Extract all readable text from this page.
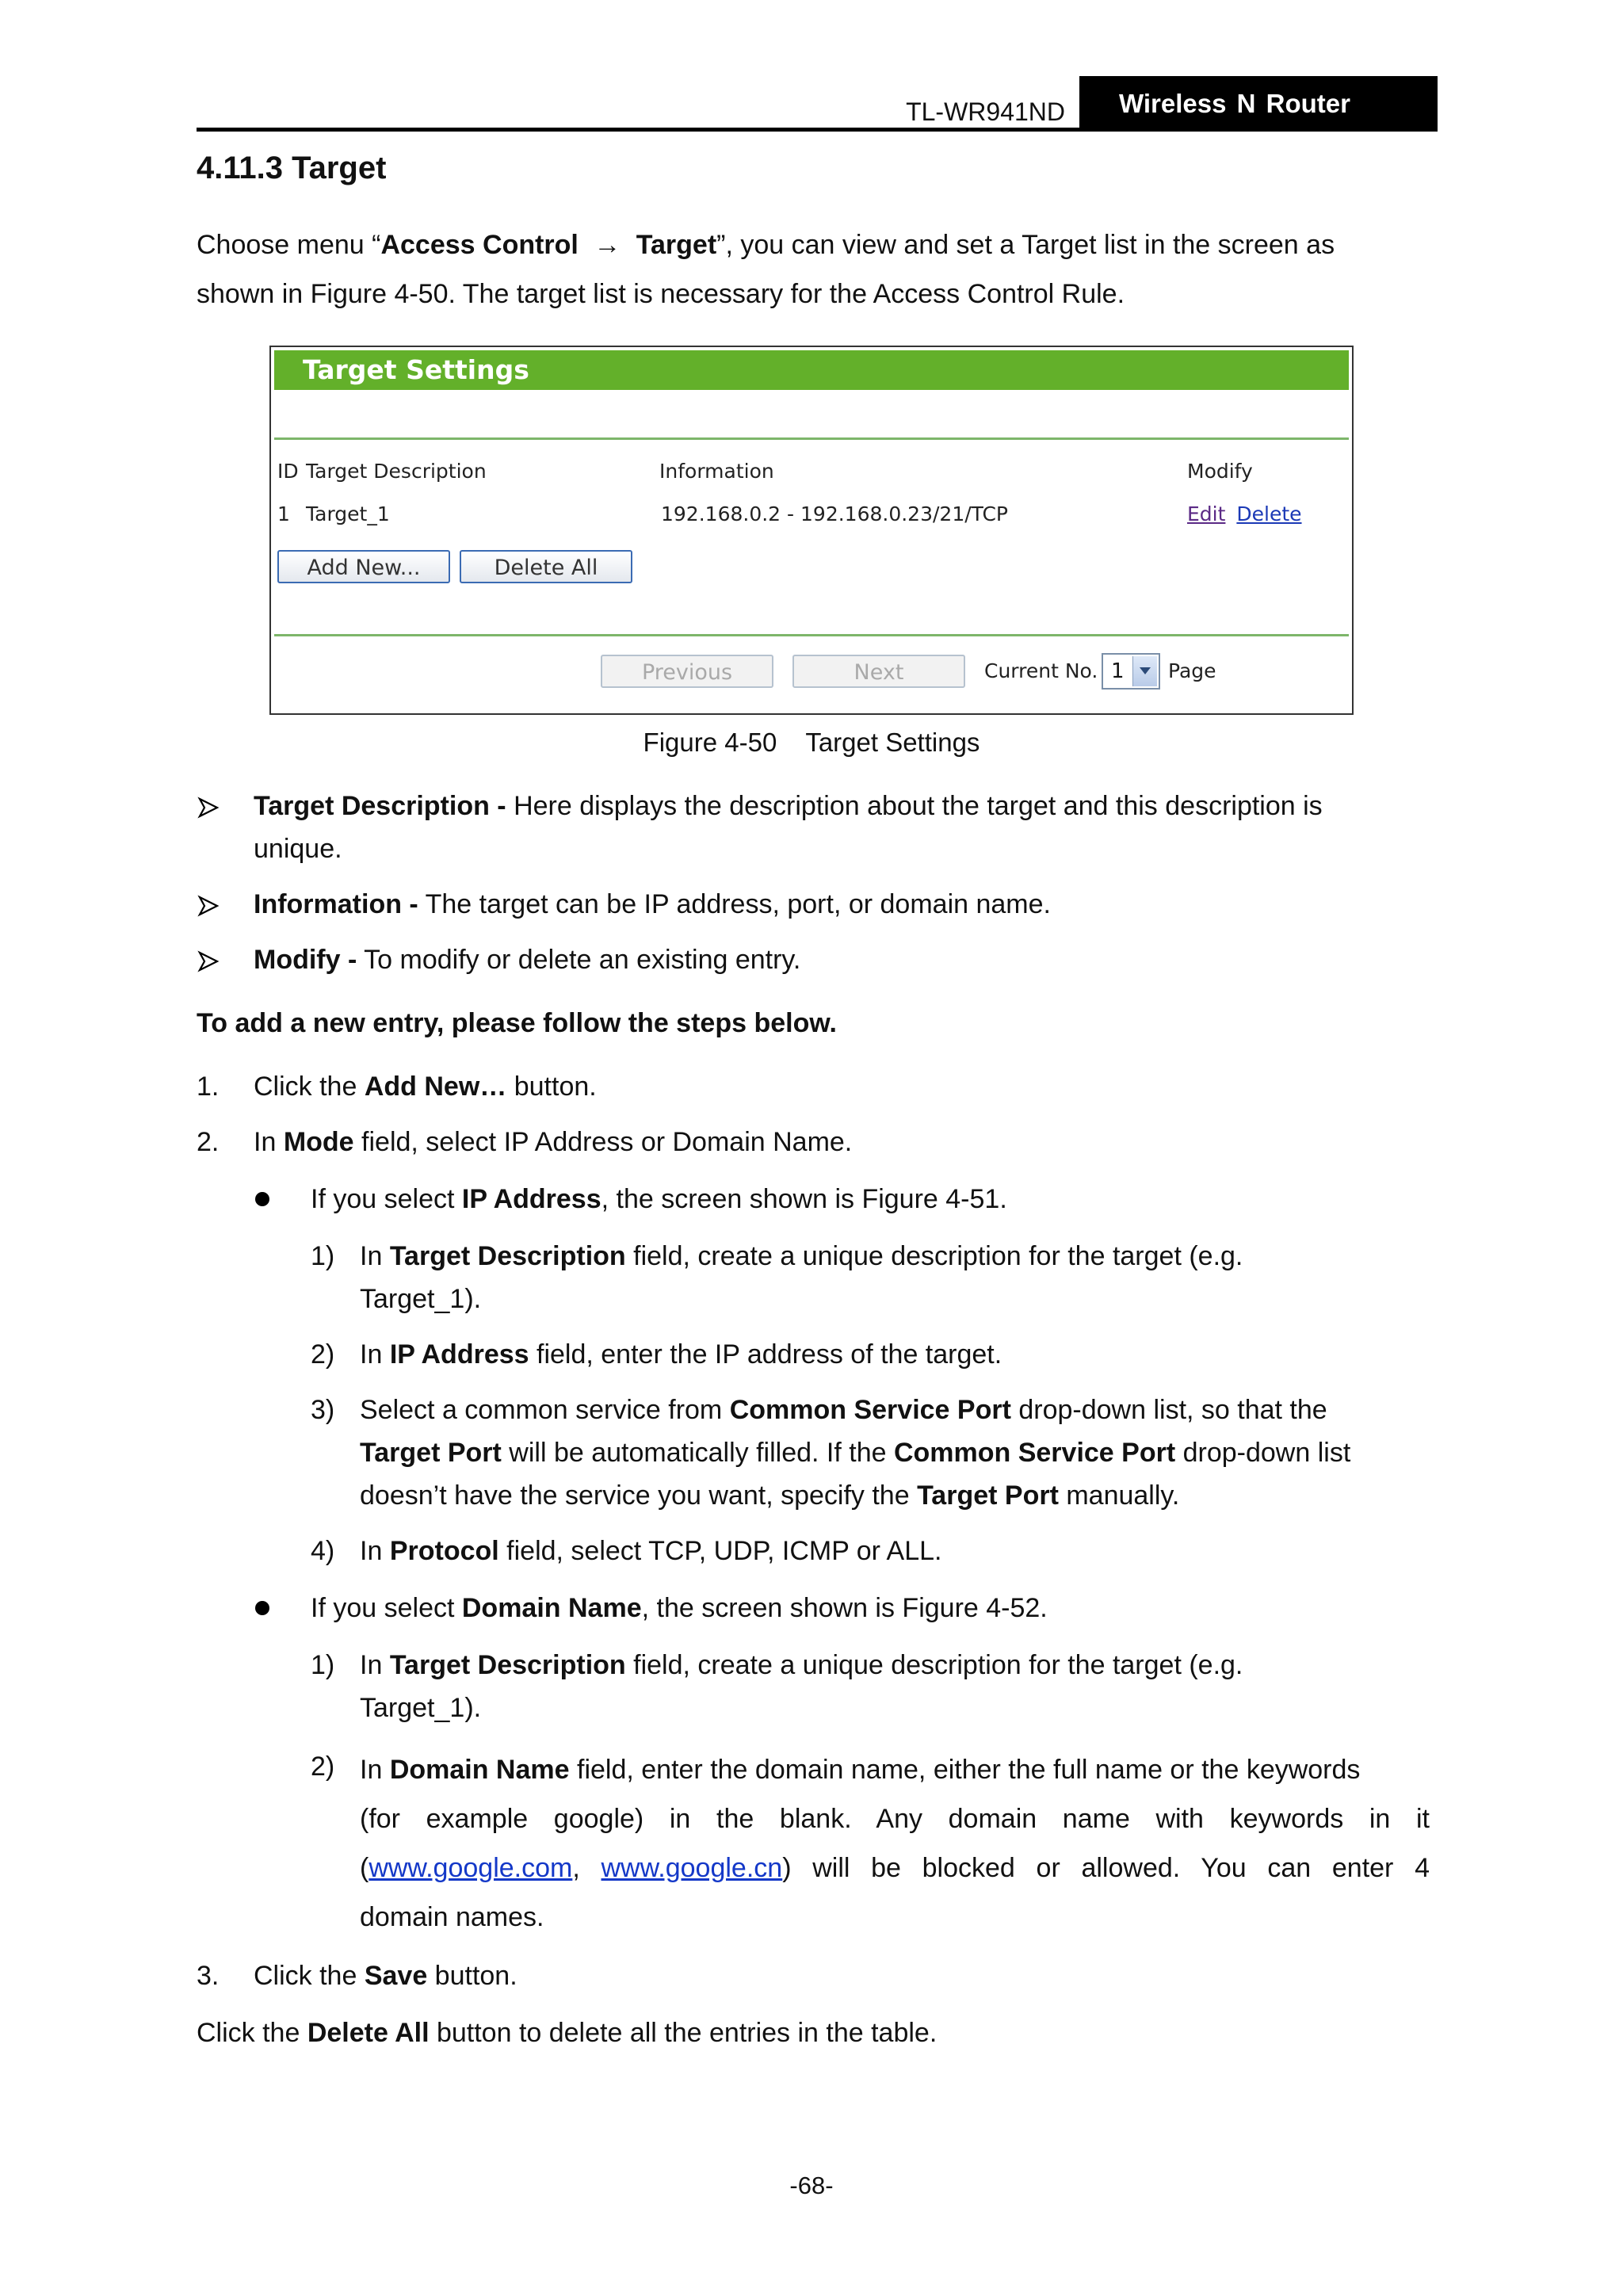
TL-WR941ND	Wireless N Router
4.11.3 Target
Choose menu “Access Control → Target”, you can view and set a Target list in the screen as
shown in Figure 4-50. The target list is necessary for the Access Control Rule.
Target Settings
ID Target Description	Information	Modify
1 Target_1	192.168.0.2 - 192.168.0.23/21/TCP	Edit Delete
Add New...	Delete All
Previous	Next	Current No. 1 Page
Figure 4-50 Target Settings
Target Description - Here displays the description about the target and this description is
unique.
Information - The target can be IP address, port, or domain name.
Modify - To modify or delete an existing entry.
To add a new entry, please follow the steps below.
1. Click the Add New… button.
2. In Mode field, select IP Address or Domain Name.
If you select IP Address, the screen shown is Figure 4-51.
1) In Target Description field, create a unique description for the target (e.g.
Target_1).
2) In IP Address field, enter the IP address of the target.
3) Select a common service from Common Service Port drop-down list, so that the
Target Port will be automatically filled. If the Common Service Port drop-down list
doesn’t have the service you want, specify the Target Port manually.
4) In Protocol field, select TCP, UDP, ICMP or ALL.
If you select Domain Name, the screen shown is Figure 4-52.
1) In Target Description field, create a unique description for the target (e.g.
Target_1).
2) In Domain Name field, enter the domain name, either the full name or the keywords
(for example google) in the blank. Any domain name with keywords in it
(www.google.com, www.google.cn) will be blocked or allowed. You can enter 4
domain names.
3. Click the Save button.
Click the Delete All button to delete all the entries in the table.
-68-
